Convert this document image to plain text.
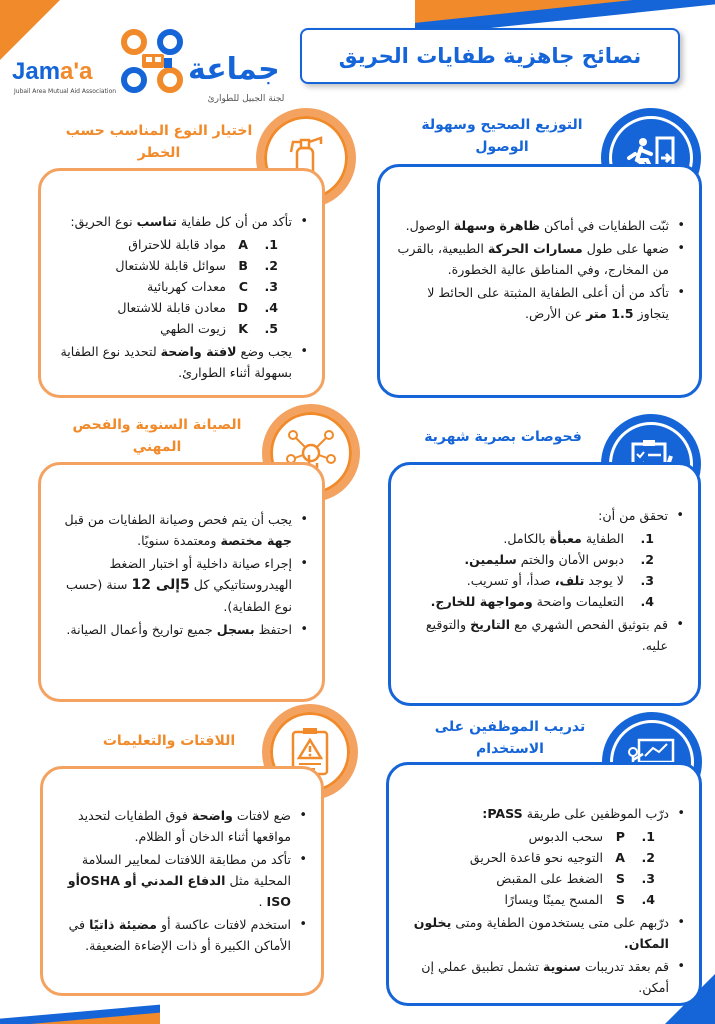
Jama'a
Jubail Area Mutual Aid Association
جماعة
لجنة الجبيل للطوارئ
نصائح جاهزية طفايات الحريق
التوزيع الصحيح وسهولة الوصول
• ثبّت الطفايات في أماكن ظاهرة وسهلة الوصول.
• ضعها على طول مسارات الحركة الطبيعية، بالقرب من المخارج، وفي المناطق عالية الخطورة.
• تأكد من أن أعلى الطفاية المثبتة على الحائط لا يتجاوز 1.5 متر عن الأرض.
اختيار النوع المناسب حسب الخطر
• تأكد من أن كل طفاية تناسب نوع الحريق:
1.
A
مواد قابلة للاحتراق
2.
B
سوائل قابلة للاشتعال
3.
C
معدات كهربائية
4.
D
معادن قابلة للاشتعال
5.
K
زيوت الطهي
• يجب وضع لافتة واضحة لتحديد نوع الطفاية بسهولة أثناء الطوارئ.
فحوصات بصرية شهرية
• تحقق من أن:
1.
الطفاية معبأة بالكامل.
2.
دبوس الأمان والختم سليمين.
3.
لا يوجد تلف، صدأ، أو تسريب.
4.
التعليمات واضحة ومواجهة للخارج.
• قم بتوثيق الفحص الشهري مع التاريخ والتوقيع عليه.
الصيانة السنوية والفحص المهني
• يجب أن يتم فحص وصيانة الطفايات من قبل جهة مختصة ومعتمدة سنويًا.
• إجراء صيانة داخلية أو اختبار الضغط الهيدروستاتيكي كل 5إلى 12 سنة (حسب نوع الطفاية).
• احتفظ بسجل جميع تواريخ وأعمال الصيانة.
تدريب الموظفين على الاستخدام
• درّب الموظفين على طريقة PASS:
1.
P
سحب الدبوس
2.
A
التوجيه نحو قاعدة الحريق
3.
S
الضغط على المقبض
4.
S
المسح يمينًا ويسارًا
• درّبهم على متى يستخدمون الطفاية ومتى يخلون المكان.
• قم بعقد تدريبات سنوية تشمل تطبيق عملي إن أمكن.
اللافتات والتعليمات
• ضع لافتات واضحة فوق الطفايات لتحديد مواقعها أثناء الدخان أو الظلام.
• تأكد من مطابقة اللافتات لمعايير السلامة المحلية مثل الدفاع المدني أو OSHAأو ISO .
• استخدم لافتات عاكسة أو مضيئة ذاتيًا في الأماكن الكبيرة أو ذات الإضاءة الضعيفة.
